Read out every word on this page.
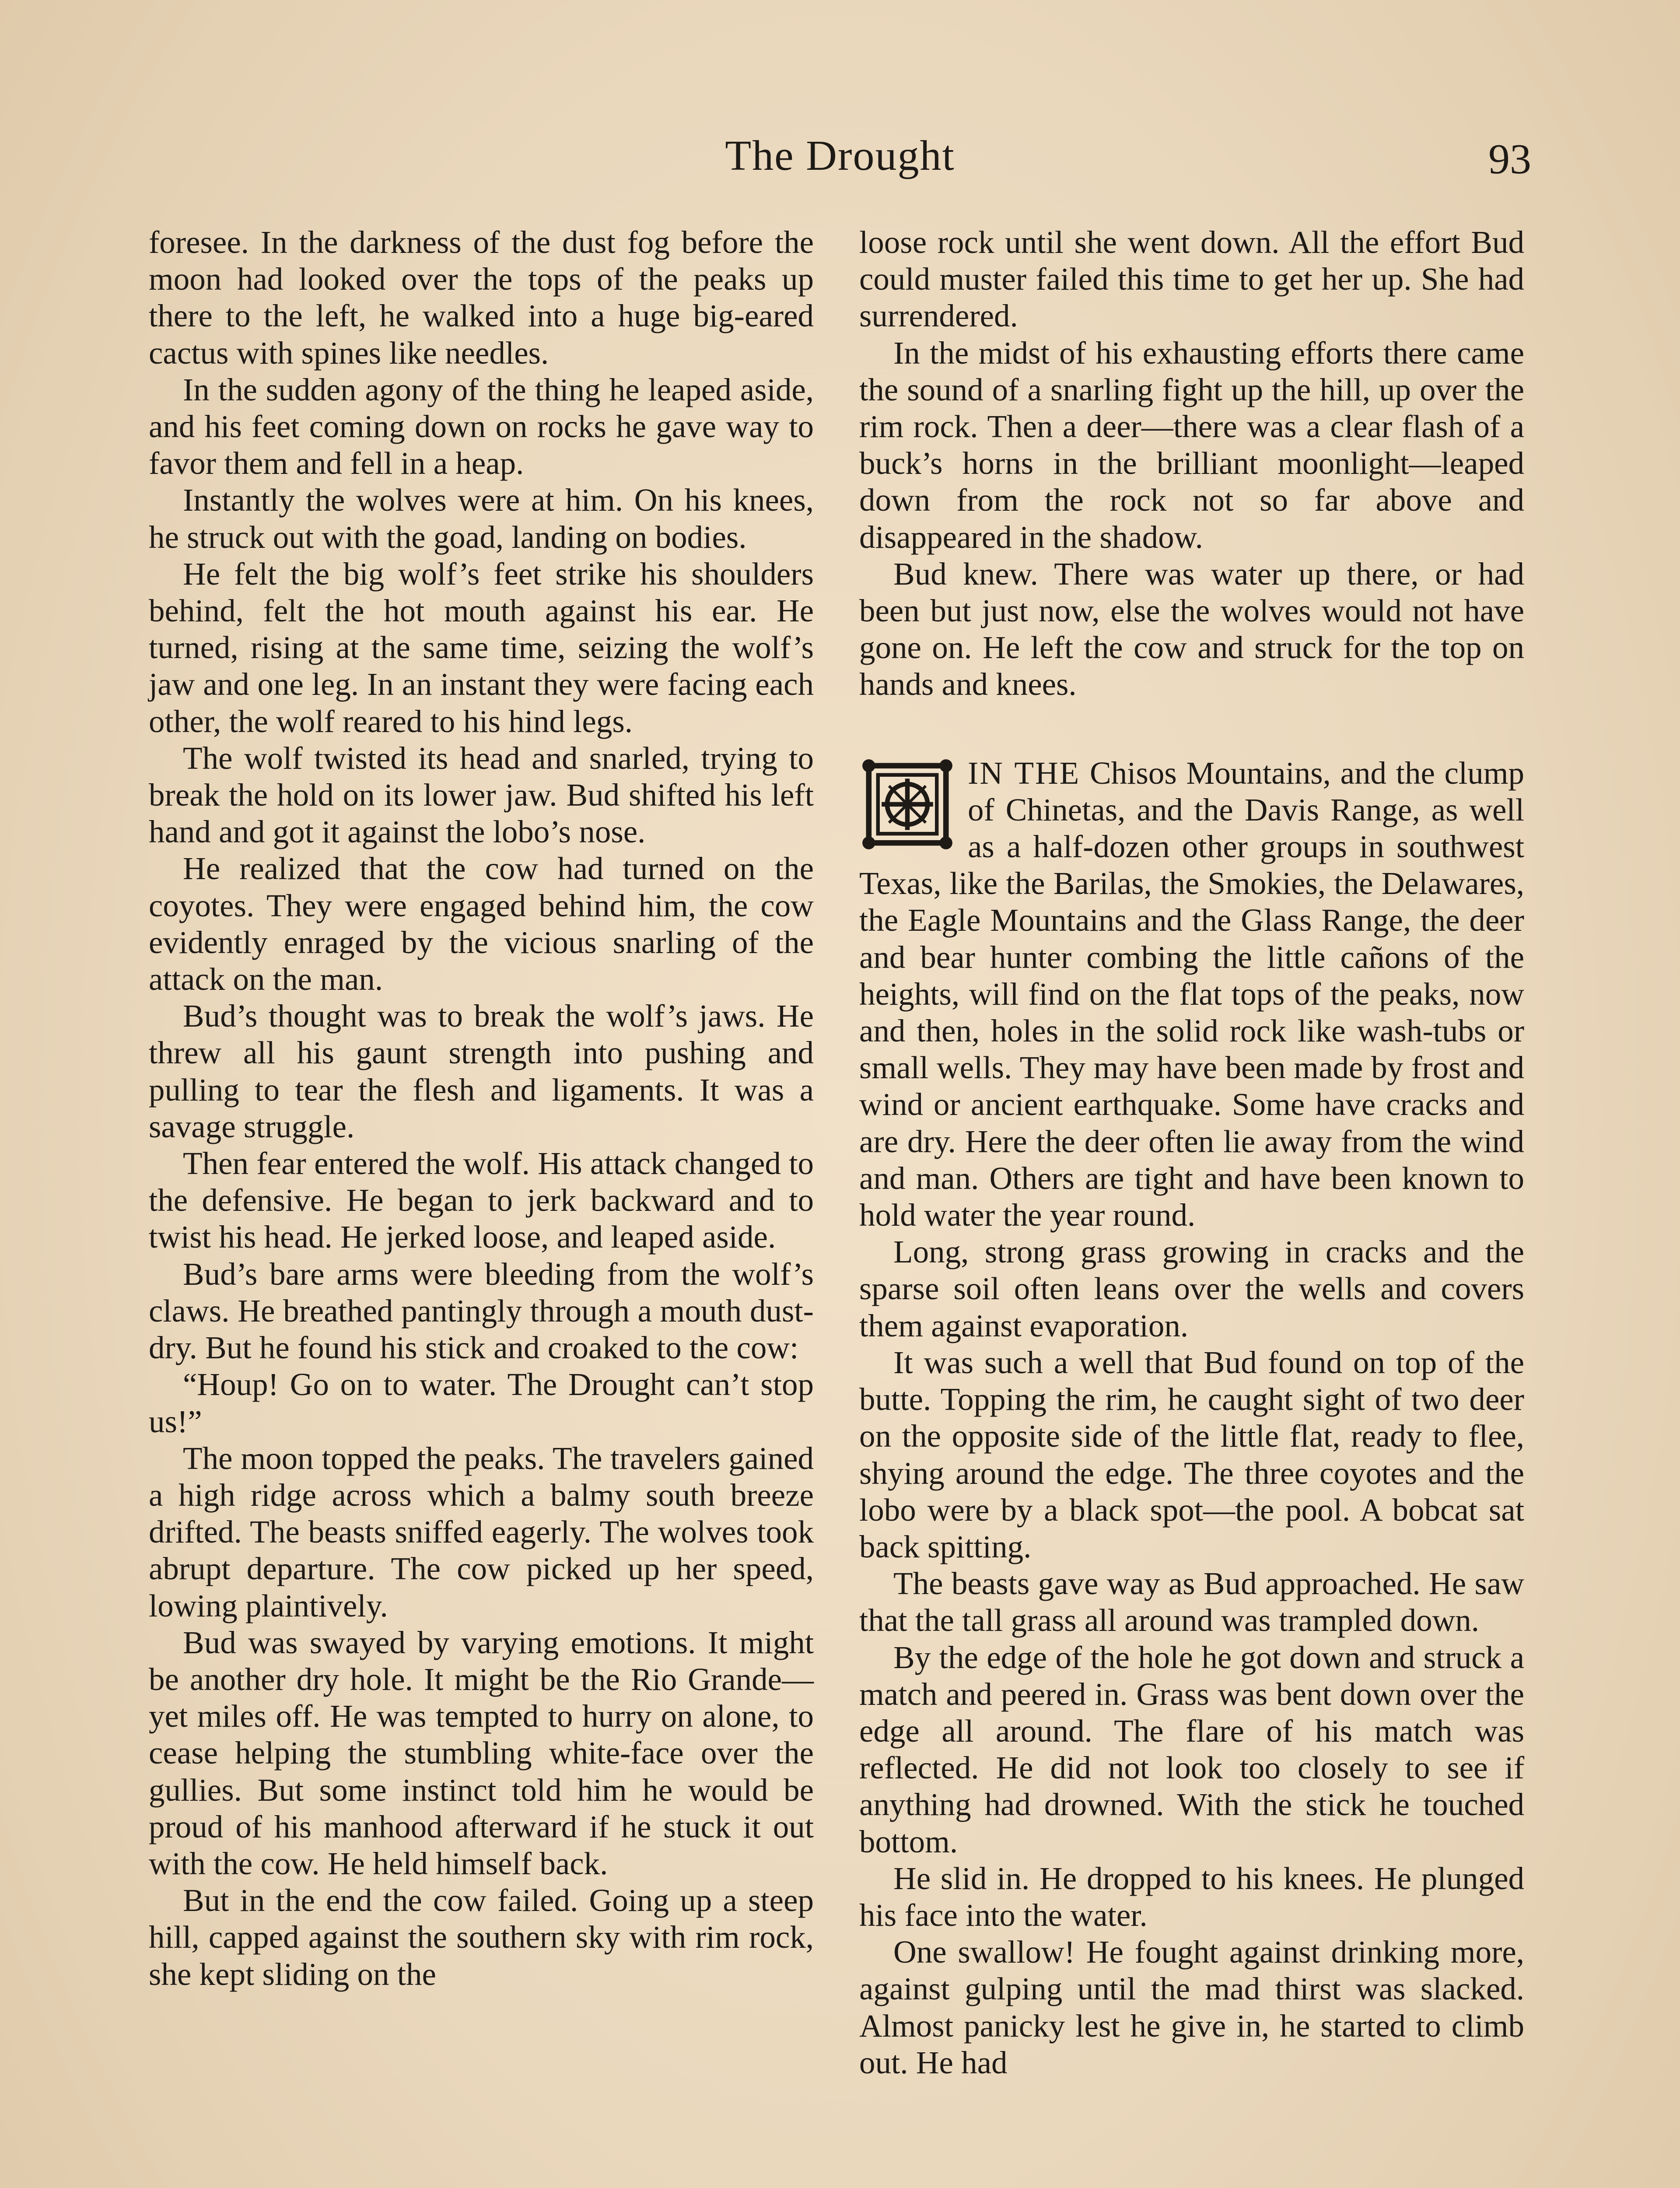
The Drought	93

foresee. In the darkness of the dust fog before the moon had looked over the tops of the peaks up there to the left, he walked into a huge big-eared cactus with spines like needles.

In the sudden agony of the thing he leaped aside, and his feet coming down on rocks he gave way to favor them and fell in a heap.

Instantly the wolves were at him. On his knees, he struck out with the goad, landing on bodies.

He felt the big wolf’s feet strike his shoulders behind, felt the hot mouth against his ear. He turned, rising at the same time, seizing the wolf’s jaw and one leg. In an instant they were facing each other, the wolf reared to his hind legs.

The wolf twisted its head and snarled, trying to break the hold on its lower jaw. Bud shifted his left hand and got it against the lobo’s nose.

He realized that the cow had turned on the coyotes. They were engaged behind him, the cow evidently enraged by the vicious snarling of the attack on the man.

Bud’s thought was to break the wolf’s jaws. He threw all his gaunt strength into pushing and pulling to tear the flesh and ligaments. It was a savage struggle.

Then fear entered the wolf. His attack changed to the defensive. He began to jerk backward and to twist his head. He jerked loose, and leaped aside.

Bud’s bare arms were bleeding from the wolf’s claws. He breathed pantingly through a mouth dust-dry. But he found his stick and croaked to the cow:

“Houp! Go on to water. The Drought can’t stop us!”

The moon topped the peaks. The travelers gained a high ridge across which a balmy south breeze drifted. The beasts sniffed eagerly. The wolves took abrupt departure. The cow picked up her speed, lowing plaintively.

Bud was swayed by varying emotions. It might be another dry hole. It might be the Rio Grande—yet miles off. He was tempted to hurry on alone, to cease helping the stumbling white-face over the gullies. But some instinct told him he would be proud of his manhood afterward if he stuck it out with the cow. He held himself back.

But in the end the cow failed. Going up a steep hill, capped against the southern sky with rim rock, she kept sliding on the

loose rock until she went down. All the effort Bud could muster failed this time to get her up. She had surrendered.

In the midst of his exhausting efforts there came the sound of a snarling fight up the hill, up over the rim rock. Then a deer—there was a clear flash of a buck’s horns in the brilliant moonlight—leaped down from the rock not so far above and disappeared in the shadow.

Bud knew. There was water up there, or had been but just now, else the wolves would not have gone on. He left the cow and struck for the top on hands and knees.

IN THE Chisos Mountains, and the clump of Chinetas, and the Davis Range, as well as a half-dozen other groups in southwest Texas, like the Barilas, the Smokies, the Delawares, the Eagle Mountains and the Glass Range, the deer and bear hunter combing the little cañons of the heights, will find on the flat tops of the peaks, now and then, holes in the solid rock like wash-tubs or small wells. They may have been made by frost and wind or ancient earthquake. Some have cracks and are dry. Here the deer often lie away from the wind and man. Others are tight and have been known to hold water the year round.

Long, strong grass growing in cracks and the sparse soil often leans over the wells and covers them against evaporation.

It was such a well that Bud found on top of the butte. Topping the rim, he caught sight of two deer on the opposite side of the little flat, ready to flee, shying around the edge. The three coyotes and the lobo were by a black spot—the pool. A bobcat sat back spitting.

The beasts gave way as Bud approached. He saw that the tall grass all around was trampled down.

By the edge of the hole he got down and struck a match and peered in. Grass was bent down over the edge all around. The flare of his match was reflected. He did not look too closely to see if anything had drowned. With the stick he touched bottom.

He slid in. He dropped to his knees. He plunged his face into the water.

One swallow! He fought against drinking more, against gulping until the mad thirst was slacked. Almost panicky lest he give in, he started to climb out. He had
